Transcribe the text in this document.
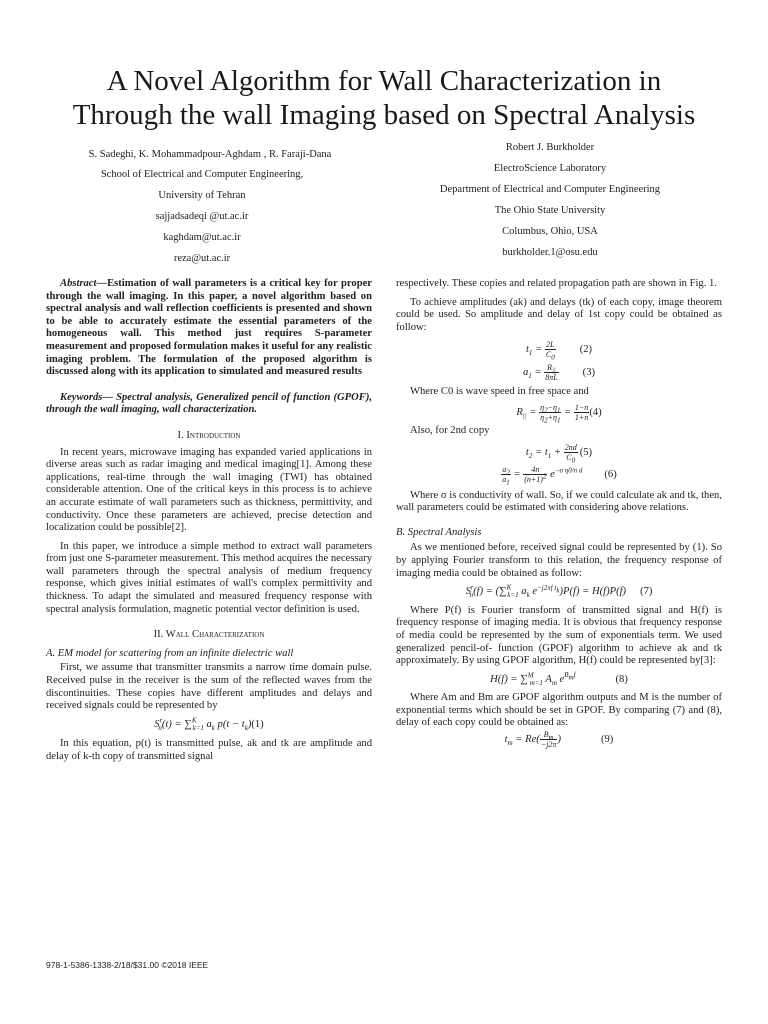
A Novel Algorithm for Wall Characterization in
Through the wall Imaging based on Spectral Analysis
S. Sadeghi, K. Mohammadpour-Aghdam , R. Faraji-Dana
School of Electrical and Computer Engineering,
University of Tehran
sajjadsadeqi @ut.ac.ir
kaghdam@ut.ac.ir
reza@ut.ac.ir
Robert J. Burkholder
ElectroScience Laboratory
Department of Electrical and Computer Engineering
The Ohio State University
Columbus, Ohio, USA
burkholder.1@osu.edu

Abstract—Estimation of wall parameters is a critical key for proper through the wall imaging. In this paper, a novel algorithm based on spectral analysis and wall reflection coefficients is presented and shown to be able to accurately estimate the essential parameters of the homogeneous wall. This method just requires S-parameter measurement and proposed formulation makes it useful for any realistic imaging problem. The formulation of the proposed algorithm is discussed along with its application to simulated and measured results

Keywords— Spectral analysis, Generalized pencil of function (GPOF), through the wall imaging, wall characterization.

I. Introduction

In recent years, microwave imaging has expanded varied applications in diverse areas such as radar imaging and medical imaging[1]. Among these applications, real-time through the wall imaging (TWI) has obtained considerable attention. One of the critical keys in this process is to achieve an accurate estimate of wall parameters such as thickness, permittivity, and conductivity. Once these parameters are achieved, precise detection and localization could be possible[2].

In this paper, we introduce a simple method to extract wall parameters from just one S-parameter measurement. This method acquires the necessary wall parameters through the spectral analysis of medium frequency response, which gives initial estimates of wall's complex permittivity and thickness. To adapt the simulated and measured frequency response with spectral analysis formulation, magnetic potential vector definition is used.

II. Wall Characterization

A. EM model for scattering from an infinite dielectric wall

First, we assume that transmitter transmits a narrow time domain pulse. Received pulse in the receiver is the sum of the reflected waves from the discontinuities. These copies have different amplitudes and delays and received signals could be represented by

$S^r_n(t) = \sum^K_{k=1}$ $a_k$ $p(t - t_k)(1)$

In this equation, p(t) is transmitted pulse, ak and tk are amplitude and delay of k-th copy of transmitted signal

respectively. These copies and related propagation path are shown in Fig. 1.

To achieve amplitudes (ak) and delays (tk) of each copy, image theorem could be used. So amplitude and delay of 1st copy could be obtained as follow:

$t_1 = \frac{2L}{C_0} (2)$

$a_1 = \frac{R_{||}}{8\pi L} (3)$

Where C0 is wave speed in free space and

$R_{||} = \frac{\eta_2-\eta_1}{\eta_2+\eta_1} = \frac{1-n}{1+n} (4)$

Also, for 2nd copy

$t_2 = t_1 + \frac{2nd}{C_0} (5)$

$\frac{a_2}{a_1} = \frac{4n}{(n+1)^2} e^{-\sigma \eta 0/n d}$ (6)

Where σ is conductivity of wall. So, if we could calculate ak and tk, then, wall parameters could be estimated with considering above relations.

B. Spectral Analysis

As we mentioned before, received signal could be represented by (1). So by applying Fourier transform to this relation, the frequency response of imaging media could be obtained as follow:

$S^r_n(f) = (\sum^K_{k=1}$ $a_k$ $e^{-j2\pi f t_k})P(f) = H(f)P(f)$ (7)

Where P(f) is Fourier transform of transmitted signal and H(f) is frequency response of imaging media. It is obvious that frequency response of media could be represented by the sum of exponentials term. We used generalized pencil-of- function (GPOF) algorithm to achieve ak and tk approximately. By using GPOF algorithm, H(f) could be represented by[3]:

H(f) = ∑$^M_{m=1}$ $A_m$ $e^{B_mf}$	(8)

Where Am and Bm are GPOF algorithm outputs and M is the number of exponential terms which should be set in GPOF. By comparing (7) and (8), delay of each copy could be obtained as:

$t_m = Re( \frac{B_m}{-j2\pi}$ )	(9)

978-1-5386-1338-2/18/$31.00 ©2018 IEEE
